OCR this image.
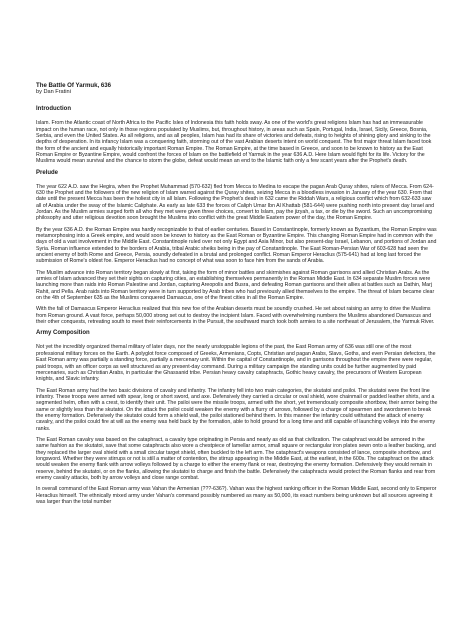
The Battle Of Yarmuk, 636

by Dan Fratini

Introduction

Islam. From the Atlantic coast of North Africa to the Pacific Isles of Indonesia this faith holds sway. As one of the world's great religions Islam has had an immeasurable impact on the human race, not only in those regions populated by Muslims, but, throughout history, in areas such as Spain, Portugal, India, Israel, Sicily, Greece, Bosnia, Serbia, and even the United States. As all religions, and as all peoples, Islam has had its share of victories and defeats, rising to heights of shining glory and sinking to the depths of desperation. In its infancy Islam was a conquering faith, storming out of the vast Arabian deserts intent on world conquest. The first major threat Islam faced took the form of the ancient and equally historically important Roman Empire. The Roman Empire, at the time based in Greece, and soon to be known to history as the East Roman Empire or Byzantine Empire, would confront the forces of Islam on the battlefield of Yarmuk in the year 636 A.D. Here Islam would fight for its life. Victory for the Muslims would mean survival and the chance to storm the globe, defeat would mean an end to the Islamic faith only a few scant years after the Prophet's death.

Prelude

The year 622 A.D. saw the Hegira, when the Prophet Muhammad (570-632) fled from Mecca to Medina to escape the pagan Arab Quray shites, rulers of Mecca. From 624-630 the Prophet and the followers of the new religion of Islam warred against the Quray shites, seizing Mecca in a bloodless invasion in January of the year 630. From that date until the present Mecca has been the holiest city in all Islam. Following the Prophet's death in 632 came the Riddah Wars, a religious conflict which from 632-633 saw all of Arabia under the sway of the Islamic Caliphate. As early as late 633 the forces of Caliph Umar Ibn Al Khattab (581-644) were pushing north into present day Israel and Jordan. As the Muslim armies surged forth all who they met were given three choices, convert to Islam, pay the jizyah, a tax, or die by the sword. Such an uncompromising philosophy and utter religious devotion soon brought the Muslims into conflict with the great Middle Eastern power of the day, the Roman Empire.

By the year 636 A.D. the Roman Empire was hardly recognizable to that of earlier centuries. Based in Constantinople, formerly known as Byzantium, the Roman Empire was metamorphosing into a Greek empire, and would soon be known to history as the East Roman or Byzantine Empire. This changing Roman Empire had in common with the days of old a vast involvement in the Middle East. Constantinople ruled over not only Egypt and Asia Minor, but also present-day Israel, Lebanon, and portions of Jordan and Syria. Roman influence extended to the borders of Arabia, tribal Arabic sheiks being in the pay of Constantinople. The East Roman-Persian War of 603-628 had seen the ancient enemy of both Rome and Greece, Persia, soundly defeated in a brutal and prolonged conflict. Roman Emperor Heraclius (575-641) had at long last forced the submission of Rome's oldest foe. Emperor Heraclius had no concept of what was soon to face him from the sands of Arabia.

The Muslim advance into Roman territory began slowly at first, taking the form of minor battles and skirmishes against Roman garrisons and allied Christian Arabs. As the armies of Islam advanced they set their sights on capturing cities, an establishing themselves permanently in the Roman Middle East. In 634 separate Muslim forces were launching more than raids into Roman Palestine and Jordan, capturing Areopolis and Busra, and defeating Roman garrisons and their allies at battles such as Dathin, Marj Rahit, and Pella. Arab raids into Roman territory were in turn supported by Arab tribes who had previously allied themselves to the empire. The threat of Islam became clear on the 4th of September 635 as the Muslims conquered Damascus, one of the finest cities in all the Roman Empire.

With the fall of Damascus Emperor Heraclius realized that this new foe of the Arabian deserts must be soundly crushed. He set about raising an army to drive the Muslims from Roman ground. A vast force, perhaps 50,000 strong set out to destroy the incipient Islam. Faced with overwhelming numbers the Muslims abandoned Damascus and their other conquests, retreating south to meet their reinforcements in the Pursuit, the southward march took both armies to a site northeast of Jerusalem, the Yarmuk River.

Army Composition

Not yet the incredibly organized themal military of later days, nor the nearly unstoppable legions of the past, the East Roman army of 636 was still one of the most professional military forces on the Earth. A polyglot force composed of Greeks, Armenians, Copts, Christian and pagan Arabs, Slavs, Goths, and even Persian defectors, the East Roman army was partially a standing force, partially a mercenary unit. Within the capital of Constantinople, and in garrisons throughout the empire there were regular, paid troops, with an officer corps as well structured as any present-day command. During a military campaign the standing units could be further augmented by paid mercenaries, such as Christian Arabs, in particular the Ghassanid tribe. Persian heavy cavalry cataphracts, Gothic heavy cavalry, the precursors of Western European knights, and Slavic infantry.

The East Roman army had the two basic divisions of cavalry and infantry. The infantry fell into two main categories, the skutatoi and psiloi. The skutatoi were the front line infantry. These troops were armed with spear, long or short sword, and axe. Defensively they carried a circular or oval shield, wore chainmail or padded leather shirts, and a segmented helm, often with a crest, to identify their unit. The psiloi were the missile troops, armed with the short, yet tremendously composite shortbow, their armor being the same or slightly less than the skutatoi. On the attack the psiloi could weaken the enemy with a flurry of arrows, followed by a charge of spearmen and swordsmen to break the enemy formation. Defensively the skutatoi could form a shield wall, the psiloi stationed behind them. In this manner the infantry could withstand the attack of enemy cavalry, and the psiloi could fire at will as the enemy was held back by the formation, able to hold ground for a long time and still capable of launching volleys into the enemy ranks.

The East Roman cavalry was based on the cataphract, a cavalry type originating in Persia and nearly as old as that civilization. The cataphract would be armored in the same fashion as the skutatoi, save that some cataphracts also wore a chestpiece of lamellar armor, small square or rectangular iron plates sewn onto a leather backing, and they replaced the larger oval shield with a small circular target shield, often buckled to the left arm. The cataphract's weapons consisted of lance, composite shortbow, and longsword. Whether they were stirrups or not is still a matter of contention, the stirrup appearing in the Middle East, at the earliest, in the 600s. The cataphract on the attack would weaken the enemy flank with arrow volleys followed by a charge to either the enemy flank or rear, destroying the enemy formation. Defensively they would remain in reserve, behind the skutatoi, or on the flanks, allowing the skutatoi to charge and finish the battle. Defensively the cataphracts would protect the Roman flanks and rear from enemy cavalry attacks, both by arrow volleys and close range combat.

In overall command of the East Roman army was Vahan the Armenian (???-636?). Vahan was the highest ranking officer in the Roman Middle East, second only to Emperor Heraclius himself. The ethnically mixed army under Vahan's command possibly numbered as many as 50,000, its exact numbers being unknown but all sources agreeing it was larger than the total number
